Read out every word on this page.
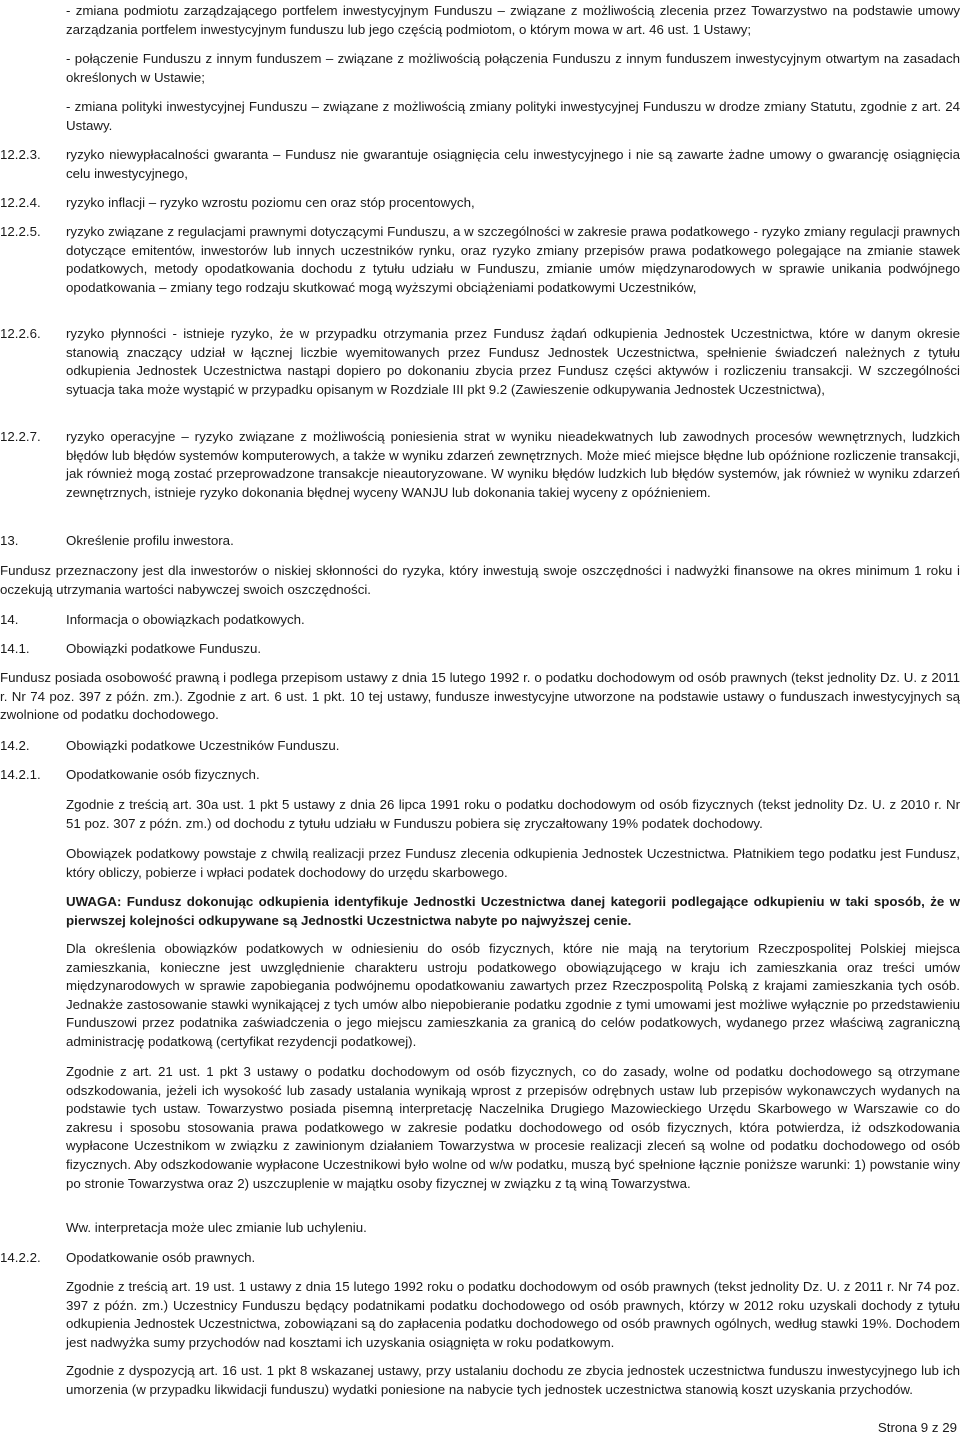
- zmiana podmiotu zarządzającego portfelem inwestycyjnym Funduszu – związane z możliwością zlecenia przez Towarzystwo na podstawie umowy zarządzania portfelem inwestycyjnym funduszu lub jego częścią podmiotom, o którym mowa w art. 46 ust. 1 Ustawy;
- połączenie Funduszu z innym funduszem – związane z możliwością połączenia Funduszu z innym funduszem inwestycyjnym otwartym na zasadach określonych w Ustawie;
- zmiana polityki inwestycyjnej Funduszu – związane z możliwością zmiany polityki inwestycyjnej Funduszu w drodze zmiany Statutu, zgodnie z art. 24 Ustawy.
12.2.3.	ryzyko niewypłacalności gwaranta – Fundusz nie gwarantuje osiągnięcia celu inwestycyjnego i nie są zawarte żadne umowy o gwarancję osiągnięcia celu inwestycyjnego,
12.2.4.	ryzyko inflacji – ryzyko wzrostu poziomu cen oraz stóp procentowych,
12.2.5.	ryzyko związane z regulacjami prawnymi dotyczącymi Funduszu, a w szczególności w zakresie prawa podatkowego - ryzyko zmiany regulacji prawnych dotyczące emitentów, inwestorów lub innych uczestników rynku, oraz ryzyko zmiany przepisów prawa podatkowego polegające na zmianie stawek podatkowych, metody opodatkowania dochodu z tytułu udziału w Funduszu, zmianie umów międzynarodowych w sprawie unikania podwójnego opodatkowania – zmiany tego rodzaju skutkować mogą wyższymi obciążeniami podatkowymi Uczestników,
12.2.6.	ryzyko płynności - istnieje ryzyko, że w przypadku otrzymania przez Fundusz żądań odkupienia Jednostek Uczestnictwa, które w danym okresie stanowią znaczący udział w łącznej liczbie wyemitowanych przez Fundusz Jednostek Uczestnictwa, spełnienie świadczeń należnych z tytułu odkupienia Jednostek Uczestnictwa nastąpi dopiero po dokonaniu zbycia przez Fundusz części aktywów i rozliczeniu transakcji. W szczególności sytuacja taka może wystąpić w przypadku opisanym w Rozdziale III pkt 9.2 (Zawieszenie odkupywania Jednostek Uczestnictwa),
12.2.7.	ryzyko operacyjne – ryzyko związane z możliwością poniesienia strat w wyniku nieadekwatnych lub zawodnych procesów wewnętrznych, ludzkich błędów lub błędów systemów komputerowych, a także w wyniku zdarzeń zewnętrznych. Może mieć miejsce błędne lub opóźnione rozliczenie transakcji, jak również mogą zostać przeprowadzone transakcje nieautoryzowane. W wyniku błędów ludzkich lub błędów systemów, jak również w wyniku zdarzeń zewnętrznych, istnieje ryzyko dokonania błędnej wyceny WANJU lub dokonania takiej wyceny z opóźnieniem.
13.	Określenie profilu inwestora.

Fundusz przeznaczony jest dla inwestorów o niskiej skłonności do ryzyka, który inwestują swoje oszczędności i nadwyżki finansowe na okres minimum 1 roku i oczekują utrzymania wartości nabywczej swoich oszczędności.

14.	Informacja o obowiązkach podatkowych.
14.1.	Obowiązki podatkowe Funduszu.

Fundusz posiada osobowość prawną i podlega przepisom ustawy z dnia 15 lutego 1992 r. o podatku dochodowym od osób prawnych (tekst jednolity Dz. U. z 2011 r. Nr 74 poz. 397 z późn. zm.). Zgodnie z art. 6 ust. 1 pkt. 10 tej ustawy, fundusze inwestycyjne utworzone na podstawie ustawy o funduszach inwestycyjnych są zwolnione od podatku dochodowego.

14.2.	Obowiązki podatkowe Uczestników Funduszu.
14.2.1.	Opodatkowanie osób fizycznych.

Zgodnie z treścią art. 30a ust. 1 pkt 5 ustawy z dnia 26 lipca 1991 roku o podatku dochodowym od osób fizycznych (tekst jednolity Dz. U. z 2010 r. Nr 51 poz. 307 z późn. zm.) od dochodu z tytułu udziału w Funduszu pobiera się zryczałtowany 19% podatek dochodowy.

Obowiązek podatkowy powstaje z chwilą realizacji przez Fundusz zlecenia odkupienia Jednostek Uczestnictwa. Płatnikiem tego podatku jest Fundusz, który obliczy, pobierze i wpłaci podatek dochodowy do urzędu skarbowego.

UWAGA: Fundusz dokonując odkupienia identyfikuje Jednostki Uczestnictwa danej kategorii podlegające odkupieniu w taki sposób, że w pierwszej kolejności odkupywane są Jednostki Uczestnictwa nabyte po najwyższej cenie.

Dla określenia obowiązków podatkowych w odniesieniu do osób fizycznych, które nie mają na terytorium Rzeczpospolitej Polskiej miejsca zamieszkania, konieczne jest uwzględnienie charakteru ustroju podatkowego obowiązującego w kraju ich zamieszkania oraz treści umów międzynarodowych w sprawie zapobiegania podwójnemu opodatkowaniu zawartych przez Rzeczpospolitą Polską z krajami zamieszkania tych osób. Jednakże zastosowanie stawki wynikającej z tych umów albo niepobieranie podatku zgodnie z tymi umowami jest możliwe wyłącznie po przedstawieniu Funduszowi przez podatnika zaświadczenia o jego miejscu zamieszkania za granicą do celów podatkowych, wydanego przez właściwą zagraniczną administrację podatkową (certyfikat rezydencji podatkowej).

Zgodnie z art. 21 ust. 1 pkt 3 ustawy o podatku dochodowym od osób fizycznych, co do zasady, wolne od podatku dochodowego są otrzymane odszkodowania, jeżeli ich wysokość lub zasady ustalania wynikają wprost z przepisów odrębnych ustaw lub przepisów wykonawczych wydanych na podstawie tych ustaw. Towarzystwo posiada pisemną interpretację Naczelnika Drugiego Mazowieckiego Urzędu Skarbowego w Warszawie co do zakresu i sposobu stosowania prawa podatkowego w zakresie podatku dochodowego od osób fizycznych, która potwierdza, iż odszkodowania wypłacone Uczestnikom w związku z zawinionym działaniem Towarzystwa w procesie realizacji zleceń są wolne od podatku dochodowego od osób fizycznych. Aby odszkodowanie wypłacone Uczestnikowi było wolne od w/w podatku, muszą być spełnione łącznie poniższe warunki: 1) powstanie winy po stronie Towarzystwa oraz 2) uszczuplenie w majątku osoby fizycznej w związku z tą winą Towarzystwa.

Ww. interpretacja może ulec zmianie lub uchyleniu.

14.2.2.	Opodatkowanie osób prawnych.

Zgodnie z treścią art. 19 ust. 1 ustawy z dnia 15 lutego 1992 roku o podatku dochodowym od osób prawnych (tekst jednolity Dz. U. z 2011 r. Nr 74 poz. 397 z późn. zm.) Uczestnicy Funduszu będący podatnikami podatku dochodowego od osób prawnych, którzy w 2012 roku uzyskali dochody z tytułu odkupienia Jednostek Uczestnictwa, zobowiązani są do zapłacenia podatku dochodowego od osób prawnych ogólnych, według stawki 19%. Dochodem jest nadwyżka sumy przychodów nad kosztami ich uzyskania osiągnięta w roku podatkowym.

Zgodnie z dyspozycją art. 16 ust. 1 pkt 8 wskazanej ustawy, przy ustalaniu dochodu ze zbycia jednostek uczestnictwa funduszu inwestycyjnego lub ich umorzenia (w przypadku likwidacji funduszu) wydatki poniesione na nabycie tych jednostek uczestnictwa stanowią koszt uzyskania przychodów.

Strona 9 z 29
